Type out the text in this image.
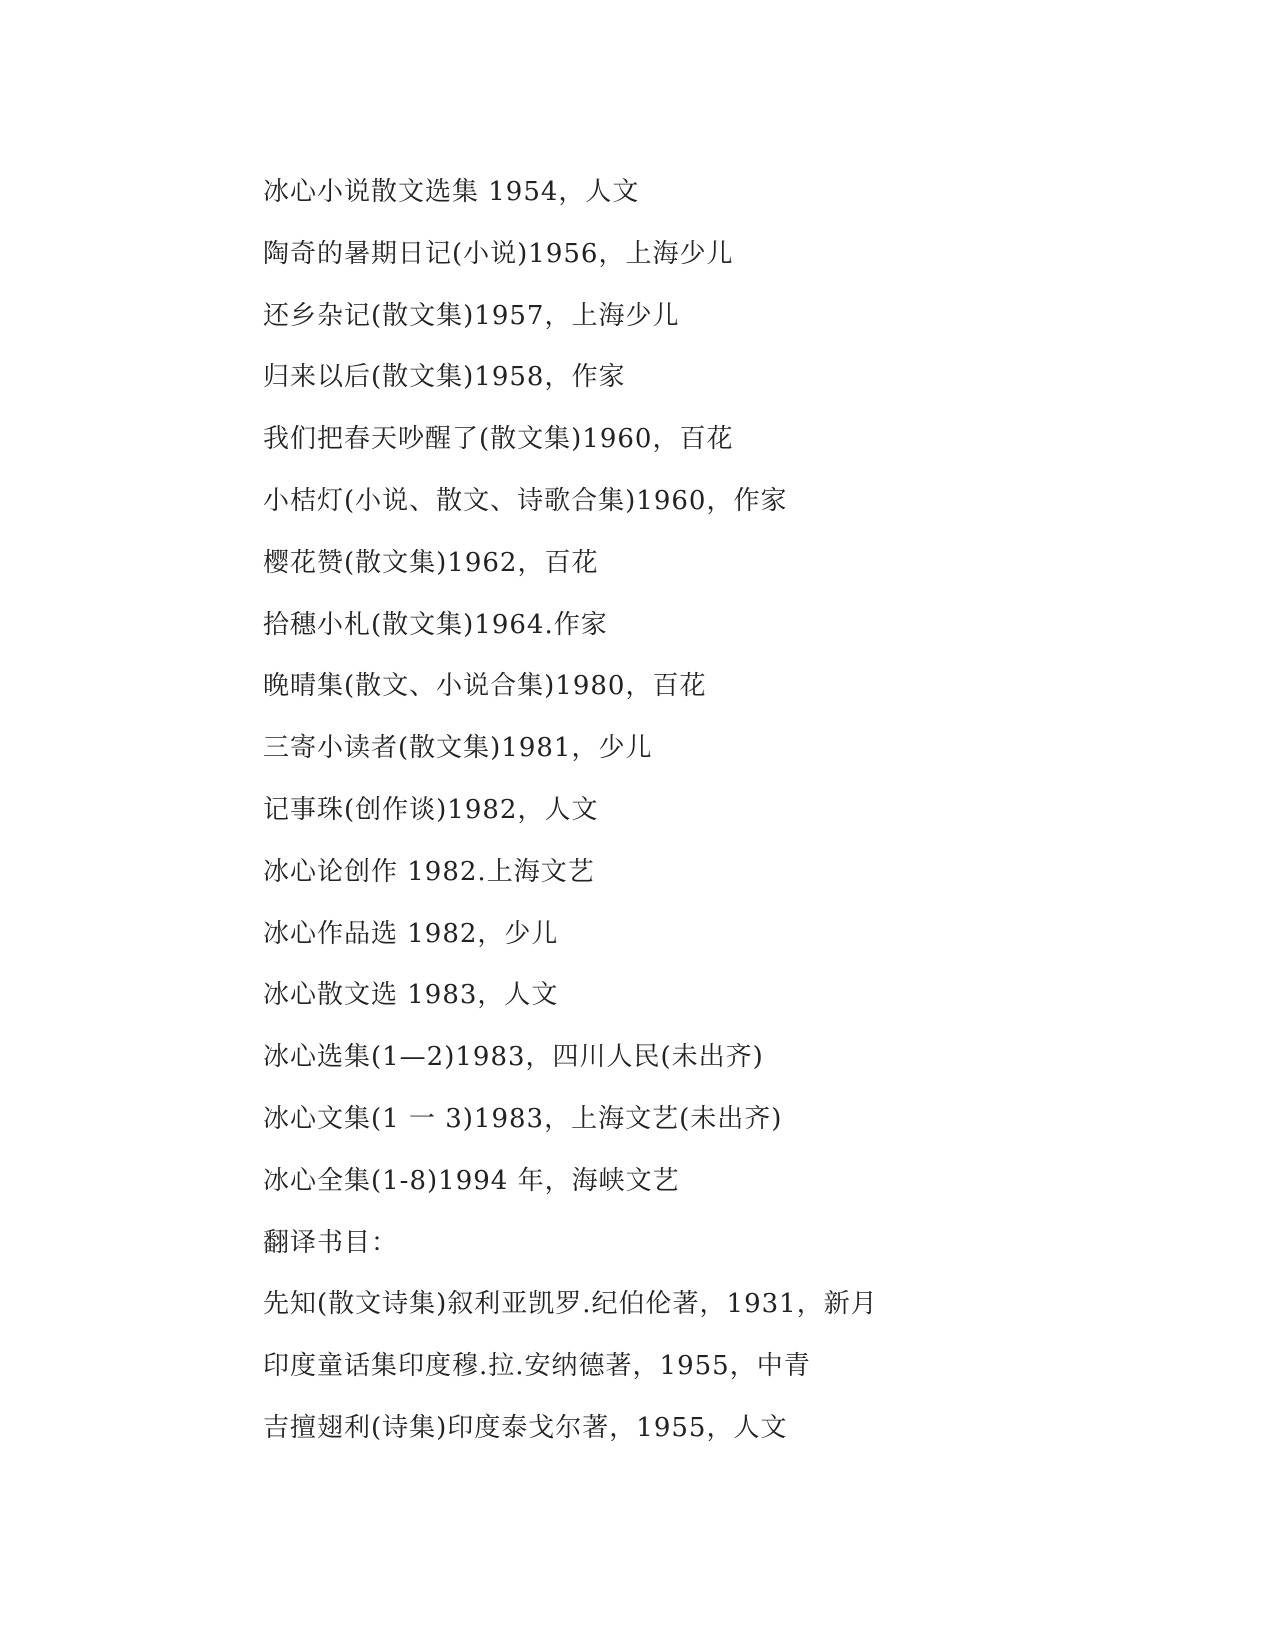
冰心小说散文选集 1954，人文
陶奇的暑期日记(小说)1956，上海少儿
还乡杂记(散文集)1957，上海少儿
归来以后(散文集)1958，作家
我们把春天吵醒了(散文集)1960，百花
小桔灯(小说、散文、诗歌合集)1960，作家
樱花赞(散文集)1962，百花
拾穗小札(散文集)1964.作家
晚晴集(散文、小说合集)1980，百花
三寄小读者(散文集)1981，少儿
记事珠(创作谈)1982，人文
冰心论创作 1982.上海文艺
冰心作品选 1982，少儿
冰心散文选 1983，人文
冰心选集(1—2)1983，四川人民(未出齐)
冰心文集(1 一 3)1983，上海文艺(未出齐)
冰心全集(1-8)1994 年，海峡文艺
翻译书目：
先知(散文诗集)叙利亚凯罗.纪伯伦著，1931，新月
印度童话集印度穆.拉.安纳德著，1955，中青
吉擅翅利(诗集)印度泰戈尔著，1955，人文
